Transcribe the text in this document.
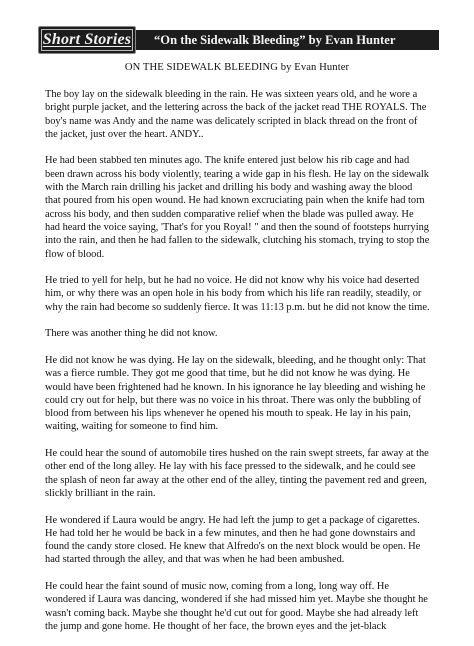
“On the Sidewalk Bleeding” by Evan Hunter
Short Stories
ON THE SIDEWALK BLEEDING by Evan Hunter

The boy lay on the sidewalk bleeding in the rain. He was sixteen years old, and he wore a bright purple jacket, and the lettering across the back of the jacket read THE ROYALS. The boy's name was Andy and the name was delicately scripted in black thread on the front of the jacket, just over the heart. ANDY..

He had been stabbed ten minutes ago. The knife entered just below his rib cage and had been drawn across his body violently, tearing a wide gap in his flesh. He lay on the sidewalk with the March rain drilling his jacket and drilling his body and washing away the blood that poured from his open wound. He had known excruciating pain when the knife had torn across his body, and then sudden comparative relief when the blade was pulled away. He had heard the voice saying, 'That's for you Royal! " and then the sound of footsteps hurrying into the rain, and then he had fallen to the sidewalk, clutching his stomach, trying to stop the flow of blood.

He tried to yell for help, but he had no voice. He did not know why his voice had deserted him, or why there was an open hole in his body from which his life ran readily, steadily, or why the rain had become so suddenly fierce. It was 11:13 p.m. but he did not know the time.

There was another thing he did not know.

He did not know he was dying. He lay on the sidewalk, bleeding, and he thought only: That was a fierce rumble. They got me good that time, but he did not know he was dying. He would have been frightened had he known. In his ignorance he lay bleeding and wishing he could cry out for help, but there was no voice in his throat. There was only the bubbling of blood from between his lips whenever he opened his mouth to speak. He lay in his pain, waiting, waiting for someone to find him.

He could hear the sound of automobile tires hushed on the rain swept streets, far away at the other end of the long alley. He lay with his face pressed to the sidewalk, and he could see the splash of neon far away at the other end of the alley, tinting the pavement red and green, slickly brilliant in the rain.

He wondered if Laura would be angry. He had left the jump to get a package of cigarettes. He had told her he would be back in a few minutes, and then he had gone downstairs and found the candy store closed. He knew that Alfredo's on the next block would be open. He had started through the alley, and that was when he had been ambushed.

He could hear the faint sound of music now, coming from a long, long way off. He wondered if Laura was dancing, wondered if she had missed him yet. Maybe she thought he wasn't coming back. Maybe she thought he'd cut out for good. Maybe she had already left the jump and gone home. He thought of her face, the brown eyes and the jet-black
